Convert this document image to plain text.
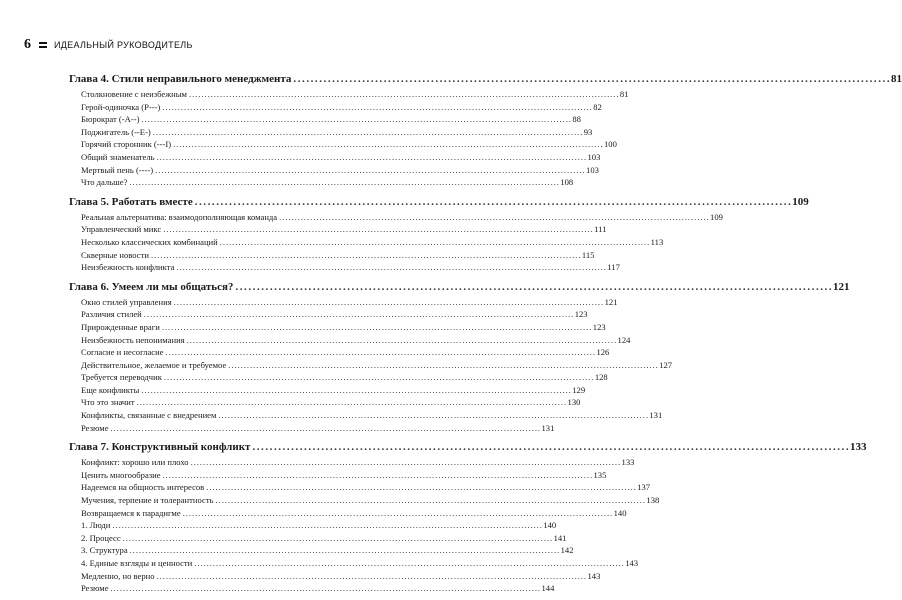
6	ИДЕАЛЬНЫЙ РУКОВОДИТЕЛЬ
Глава 4. Стили неправильного менеджмента . . .	81
Столкновение с неизбежным . . .	81
Герой-одиночка (P---) . . .	82
Бюрократ (-A--) . . .	88
Поджигатель (--E-) . . .	93
Горячий сторонник (---I) . . .	100
Общий знаменатель . . .	103
Мертвый пень (----) . . .	103
Что дальше? . . .	108
Глава 5. Работать вместе . . .	109
Реальная альтернатива: взаимодополняющая команда . . .	109
Управленческий микс . . .	111
Несколько классических комбинаций . . .	113
Скверные новости . . .	115
Неизбежность конфликта . . .	117
Глава 6. Умеем ли мы общаться? . . .	121
Окно стилей управления . . .	121
Различия стилей . . .	123
Прирожденные враги . . .	123
Неизбежность непонимания . . .	124
Согласие и несогласие . . .	126
Действительное, желаемое и требуемое . . .	127
Требуется переводчик . . .	128
Еще конфликты . . .	129
Что это значит . . .	130
Конфликты, связанные с внедрением . . .	131
Резюме . . .	131
Глава 7. Конструктивный конфликт . . .	133
Конфликт: хорошо или плохо . . .	133
Ценить многообразие . . .	135
Надеемся на общность интересов . . .	137
Мучения, терпение и толерантность . . .	138
Возвращаемся к парадигме . . .	140
1. Люди . . .	140
2. Процесс . . .	141
3. Структура . . .	142
4. Единые взгляды и ценности . . .	143
Медленно, но верно . . .	143
Резюме . . .	144
